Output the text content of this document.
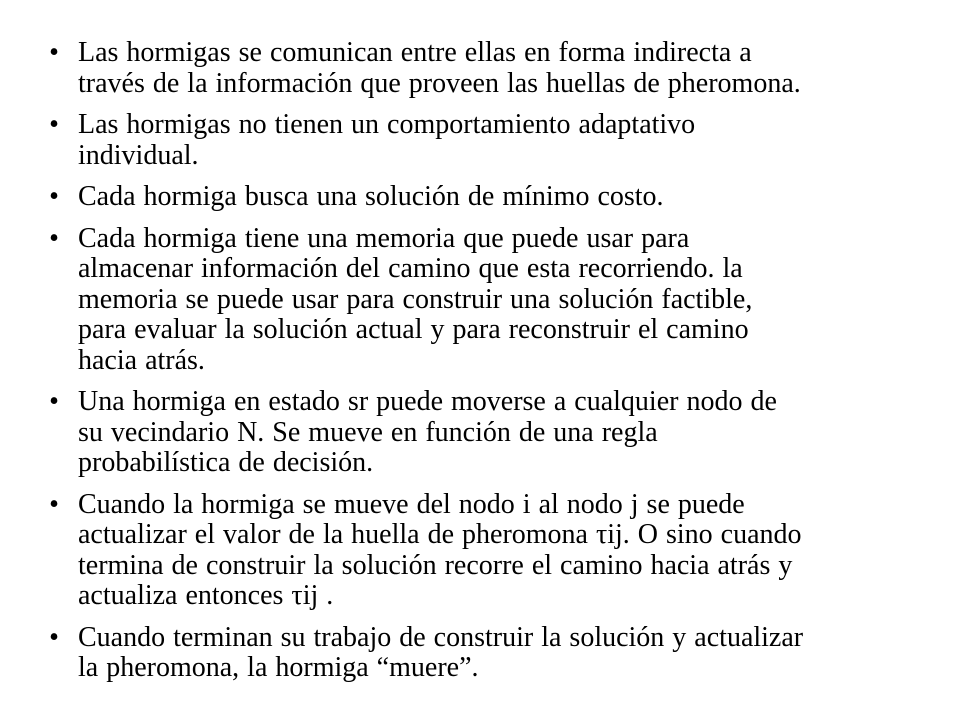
• Las hormigas se comunican entre ellas en forma indirecta a
través de la información que proveen las huellas de pheromona.
• Las hormigas no tienen un comportamiento adaptativo
individual.
• Cada hormiga busca una solución de mínimo costo.
• Cada hormiga tiene una memoria que puede usar para
almacenar información del camino que esta recorriendo. la
memoria se puede usar para construir una solución factible,
para evaluar la solución actual y para reconstruir el camino
hacia atrás.
• Una hormiga en estado sr puede moverse a cualquier nodo de
su vecindario N. Se mueve en función de una regla
probabilística de decisión.
• Cuando la hormiga se mueve del nodo i al nodo j se puede
actualizar el valor de la huella de pheromona τij. O sino cuando
termina de construir la solución recorre el camino hacia atrás y
actualiza entonces τij .
• Cuando terminan su trabajo de construir la solución y actualizar
la pheromona, la hormiga “muere”.
